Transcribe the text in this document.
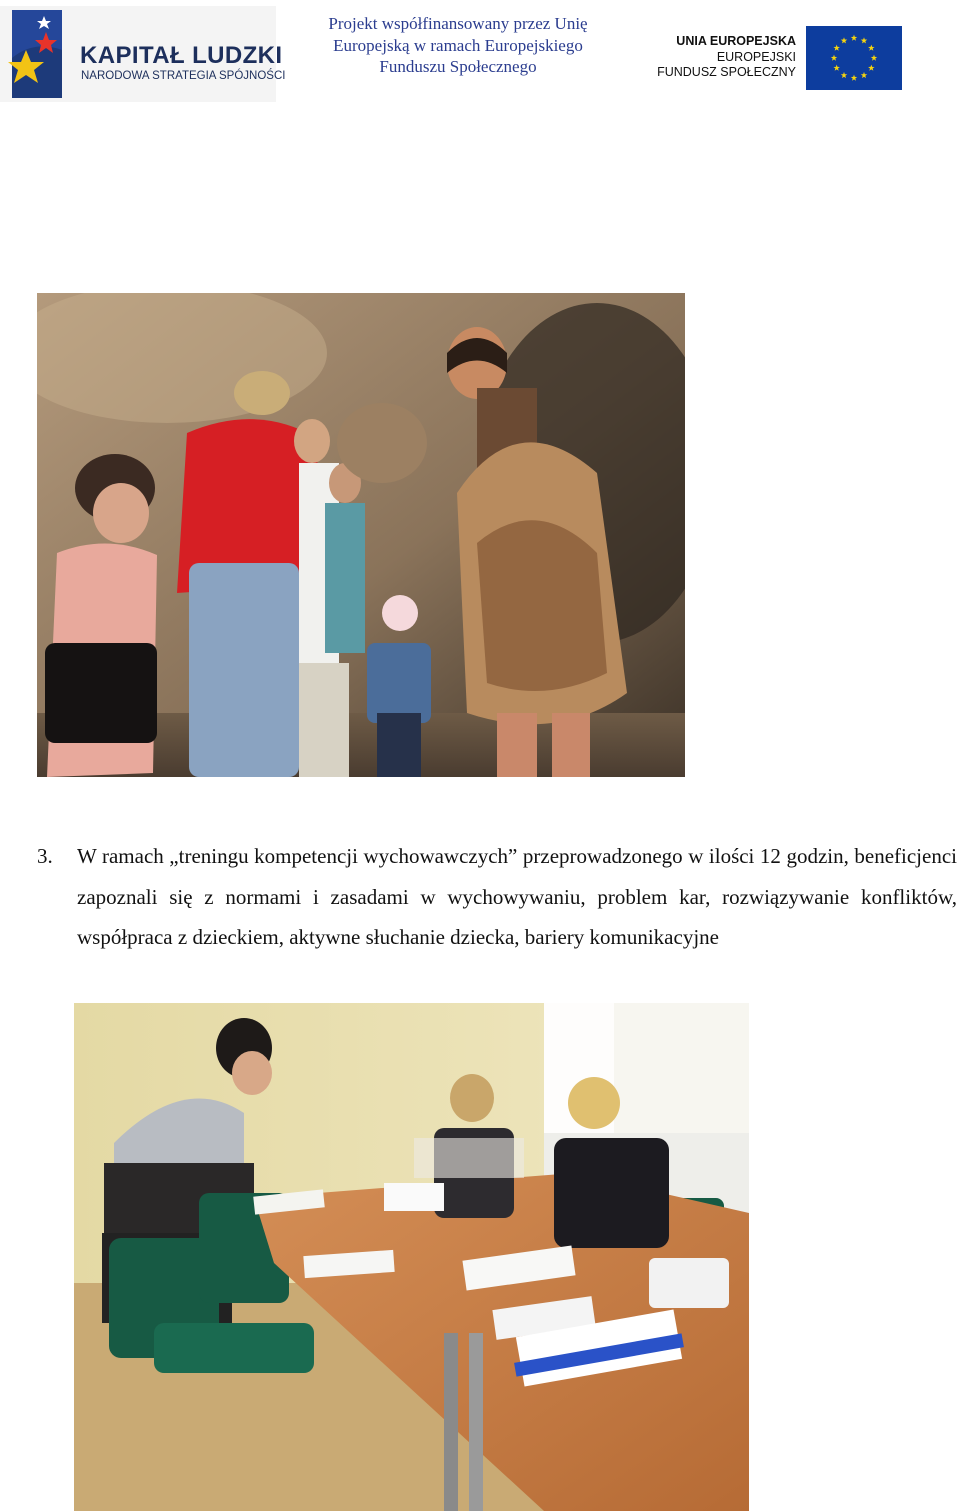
KAPITAŁ LUDZKI
NARODOWA STRATEGIA SPÓJNOŚCI
Projekt współfinansowany przez Unię Europejską w ramach Europejskiego Funduszu Społecznego
UNIA EUROPEJSKA
EUROPEJSKI
FUNDUSZ SPOŁECZNY
3. W ramach „treningu kompetencji wychowawczych” przeprowadzonego w ilości 12 godzin, beneficjenci zapoznali się z normami i zasadami w wychowywaniu, problem kar, rozwiązywanie konfliktów, współpraca z dzieckiem, aktywne słuchanie dziecka, bariery komunikacyjne
